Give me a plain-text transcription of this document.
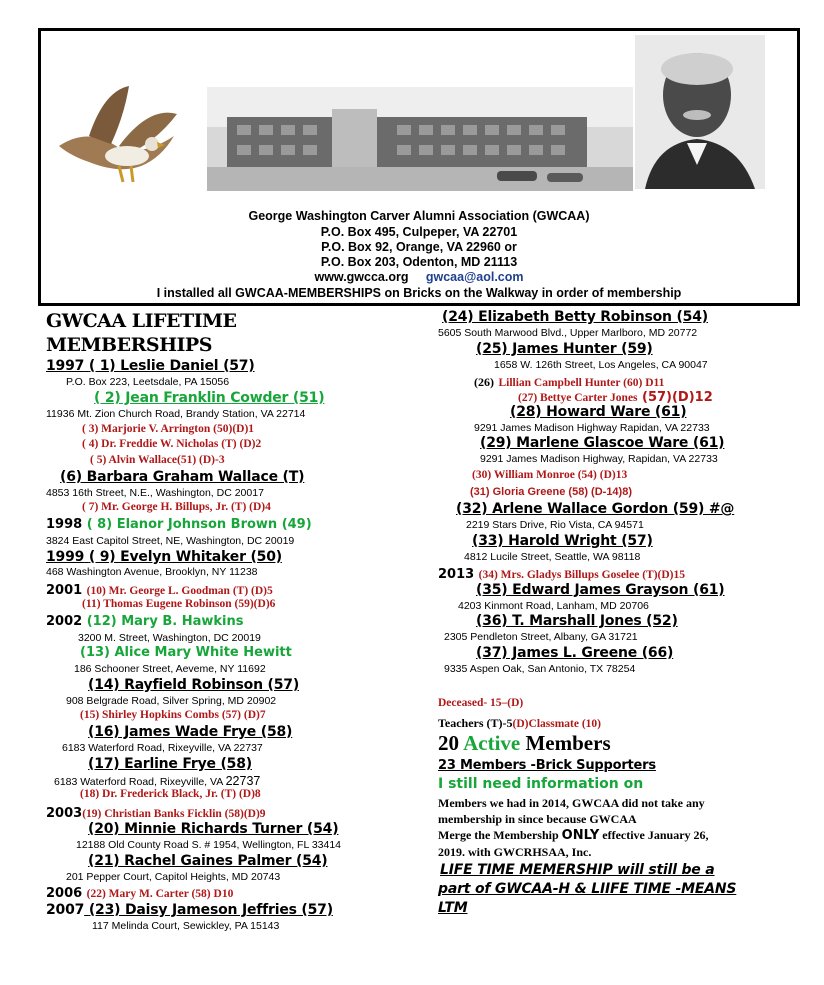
George Washington Carver Alumni Association (GWCAA)
P.O. Box 495, Culpeper, VA 22701
P.O. Box 92, Orange, VA 22960 or
P.O. Box 203, Odenton, MD 21113
www.gwcca.org gwcaa@aol.com
I installed all GWCAA-MEMBERSHIPS on Bricks on the Walkway in order of membership
GWCAA LIFETIME
MEMBERSHIPS
1997 ( 1) Leslie Daniel (57)
P.O. Box 223, Leetsdale, PA 15056
( 2) Jean Franklin Cowder (51)
11936 Mt. Zion Church Road, Brandy Station, VA 22714
( 3) Marjorie V. Arrington (50)(D)1
( 4) Dr. Freddie W. Nicholas (T) (D)2
( 5) Alvin Wallace(51) (D)-3
(6) Barbara Graham Wallace (T)
4853 16th Street, N.E., Washington, DC 20017
( 7) Mr. George H. Billups, Jr. (T) (D)4
1998 ( 8) Elanor Johnson Brown (49)
3824 East Capitol Street, NE, Washington, DC 20019
1999 ( 9) Evelyn Whitaker (50)
468 Washington Avenue, Brooklyn, NY 11238
2001 (10) Mr. George L. Goodman (T) (D)5
(11) Thomas Eugene Robinson (59)(D)6
2002 (12) Mary B. Hawkins
3200 M. Street, Washington, DC 20019
(13) Alice Mary White Hewitt
186 Schooner Street, Aeveme, NY 11692
(14) Rayfield Robinson (57)
908 Belgrade Road, Silver Spring, MD 20902
(15) Shirley Hopkins Combs (57) (D)7
(16) James Wade Frye (58)
6183 Waterford Road, Rixeyville, VA 22737
(17) Earline Frye (58)
6183 Waterford Road, Rixeyville, VA 22737
(18) Dr. Frederick Black, Jr. (T) (D)8
2003(19) Christian Banks Ficklin (58)(D)9
(20) Minnie Richards Turner (54)
12188 Old County Road S. # 1954, Wellington, FL 33414
(21) Rachel Gaines Palmer (54)
201 Pepper Court, Capitol Heights, MD 20743
2006 (22) Mary M. Carter (58) D10
2007 (23) Daisy Jameson Jeffries (57)
117 Melinda Court, Sewickley, PA 15143
(24) Elizabeth Betty Robinson (54)
5605 South Marwood Blvd., Upper Marlboro, MD 20772
(25) James Hunter (59)
1658 W. 126th Street, Los Angeles, CA 90047
(26) Lillian Campbell Hunter (60) D11
(27) Bettye Carter Jones (57)(D)12
(28) Howard Ware (61)
9291 James Madison Highway Rapidan, VA 22733
(29) Marlene Glascoe Ware (61)
9291 James Madison Highway, Rapidan, VA 22733
(30) William Monroe (54) (D)13
(31) Gloria Greene (58) (D-14)8)
(32) Arlene Wallace Gordon (59) #@
2219 Stars Drive, Rio Vista, CA 94571
(33) Harold Wright (57)
4812 Lucile Street, Seattle, WA 98118
2013 (34) Mrs. Gladys Billups Goselee (T)(D)15
(35) Edward James Grayson (61)
4203 Kinmont Road, Lanham, MD 20706
(36) T. Marshall Jones (52)
2305 Pendleton Street, Albany, GA 31721
(37) James L. Greene (66)
9335 Aspen Oak, San Antonio, TX 78254
Deceased- 15–(D)
Teachers (T)-5(D)Classmate (10)
20 Active Members
23 Members -Brick Supporters
I still need information on
Members we had in 2014, GWCAA did not take any
membership in since because GWCAA
Merge the Membership ONLY effective January 26,
2019. with GWCRHSAA, Inc.
LIFE TIME MEMERSHIP will still be a
part of GWCAA-H & LIIFE TIME -MEANS
LTM
